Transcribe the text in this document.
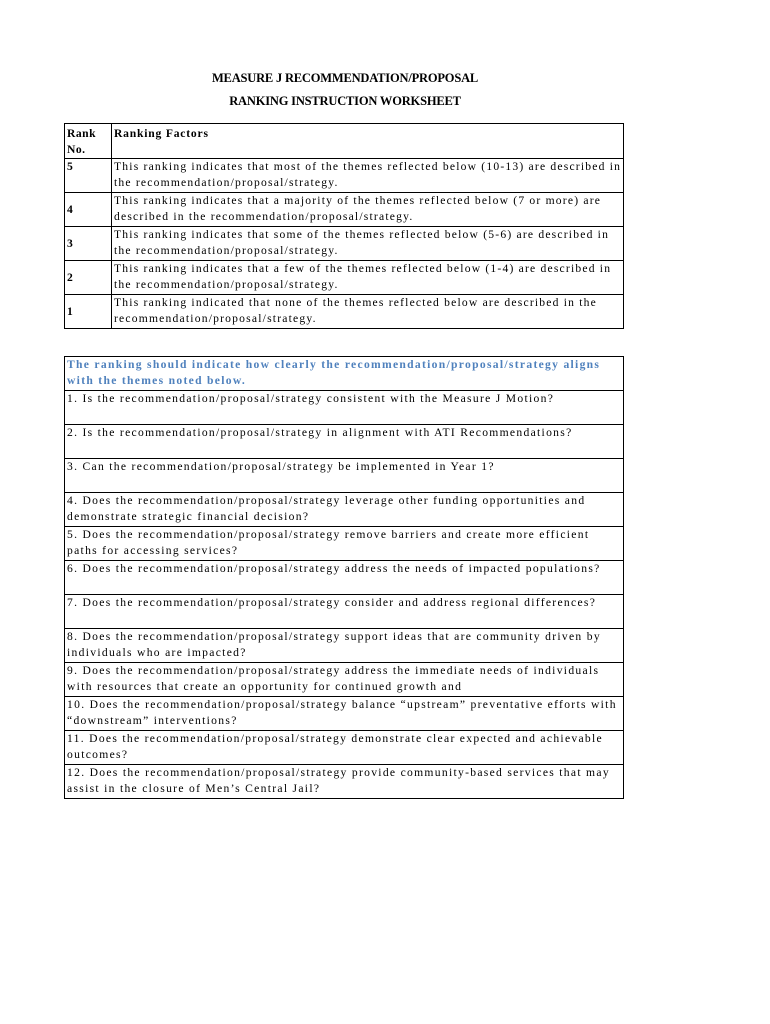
MEASURE J RECOMMENDATION/PROPOSAL
RANKING INSTRUCTION WORKSHEET
Rank No.	Ranking Factors
5	This ranking indicates that most of the themes reflected below (10-13) are described in the recommendation/proposal/strategy.
4	This ranking indicates that a majority of the themes reflected below (7 or more) are described in the recommendation/proposal/strategy.
3	This ranking indicates that some of the themes reflected below (5-6) are described in the recommendation/proposal/strategy.
2	This ranking indicates that a few of the themes reflected below (1-4) are described in the recommendation/proposal/strategy.
1	This ranking indicated that none of the themes reflected below are described in the recommendation/proposal/strategy.
The ranking should indicate how clearly the recommendation/proposal/strategy aligns with the themes noted below.
1. Is the recommendation/proposal/strategy consistent with the Measure J Motion?
2. Is the recommendation/proposal/strategy in alignment with ATI Recommendations?
3. Can the recommendation/proposal/strategy be implemented in Year 1?
4. Does the recommendation/proposal/strategy leverage other funding opportunities and demonstrate strategic financial decision?
5. Does the recommendation/proposal/strategy remove barriers and create more efficient paths for accessing services?
6. Does the recommendation/proposal/strategy address the needs of impacted populations?
7. Does the recommendation/proposal/strategy consider and address regional differences?
8. Does the recommendation/proposal/strategy support ideas that are community driven by individuals who are impacted?
9. Does the recommendation/proposal/strategy address the immediate needs of individuals with resources that create an opportunity for continued growth and
10. Does the recommendation/proposal/strategy balance “upstream” preventative efforts with “downstream” interventions?
11. Does the recommendation/proposal/strategy demonstrate clear expected and achievable outcomes?
12. Does the recommendation/proposal/strategy provide community-based services that may assist in the closure of Men’s Central Jail?
